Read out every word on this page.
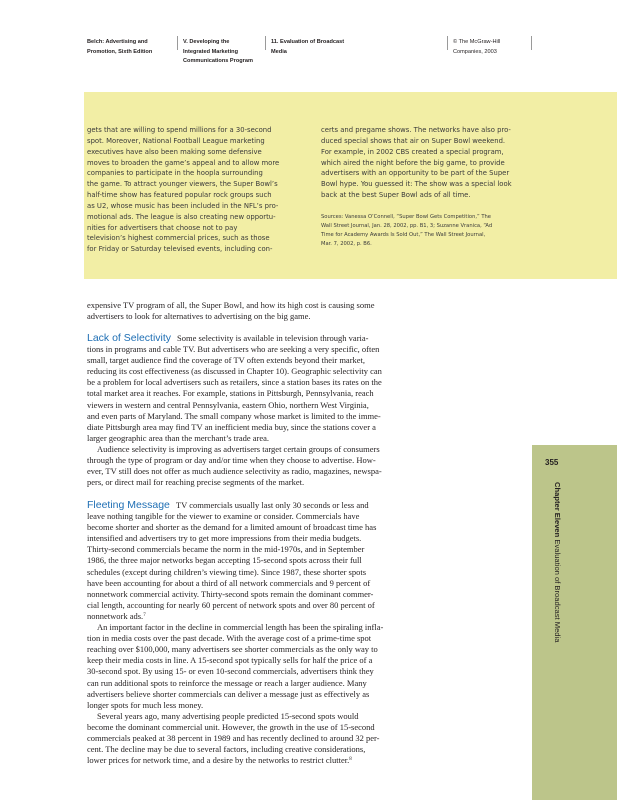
Belch: Advertising and
Promotion, Sixth Edition
V. Developing the
Integrated Marketing
Communications Program
11. Evaluation of Broadcast
Media
© The McGraw-Hill
Companies, 2003

gets that are willing to spend millions for a 30-second

spot. Moreover, National Football League marketing

executives have also been making some defensive

moves to broaden the game’s appeal and to allow more

companies to participate in the hoopla surrounding

the game. To attract younger viewers, the Super Bowl’s

half-time show has featured popular rock groups such

as U2, whose music has been included in the NFL’s pro-

motional ads. The league is also creating new opportu-

nities for advertisers that choose not to pay

television’s highest commercial prices, such as those

for Friday or Saturday televised events, including con-

certs and pregame shows. The networks have also pro-

duced special shows that air on Super Bowl weekend.

For example, in 2002 CBS created a special program,

which aired the night before the big game, to provide

advertisers with an opportunity to be part of the Super

Bowl hype. You guessed it: The show was a special look

back at the best Super Bowl ads of all time.

Sources: Vanessa O’Connell, “Super Bowl Gets Competition,” The

Wall Street Journal, Jan. 28, 2002, pp. B1, 3; Suzanne Vranica, “Ad

Time for Academy Awards Is Sold Out,” The Wall Street Journal,

Mar. 7, 2002, p. B6.

expensive TV program of all, the Super Bowl, and how its high cost is causing some

advertisers to look for alternatives to advertising on the big game.

Lack of Selectivity Some selectivity is available in television through varia-

tions in programs and cable TV. But advertisers who are seeking a very specific, often

small, target audience find the coverage of TV often extends beyond their market,

reducing its cost effectiveness (as discussed in Chapter 10). Geographic selectivity can

be a problem for local advertisers such as retailers, since a station bases its rates on the

total market area it reaches. For example, stations in Pittsburgh, Pennsylvania, reach

viewers in western and central Pennsylvania, eastern Ohio, northern West Virginia,

and even parts of Maryland. The small company whose market is limited to the imme-

diate Pittsburgh area may find TV an inefficient media buy, since the stations cover a

larger geographic area than the merchant’s trade area.

Audience selectivity is improving as advertisers target certain groups of consumers

through the type of program or day and/or time when they choose to advertise. How-

ever, TV still does not offer as much audience selectivity as radio, magazines, newspa-

pers, or direct mail for reaching precise segments of the market.

Fleeting Message TV commercials usually last only 30 seconds or less and

leave nothing tangible for the viewer to examine or consider. Commercials have

become shorter and shorter as the demand for a limited amount of broadcast time has

intensified and advertisers try to get more impressions from their media budgets.

Thirty-second commercials became the norm in the mid-1970s, and in September

1986, the three major networks began accepting 15-second spots across their full

schedules (except during children’s viewing time). Since 1987, these shorter spots

have been accounting for about a third of all network commercials and 9 percent of

nonnetwork commercial activity. Thirty-second spots remain the dominant commer-

cial length, accounting for nearly 60 percent of network spots and over 80 percent of

nonnetwork ads.$^7$

An important factor in the decline in commercial length has been the spiraling infla-

tion in media costs over the past decade. With the average cost of a prime-time spot

reaching over $100,000, many advertisers see shorter commercials as the only way to

keep their media costs in line. A 15-second spot typically sells for half the price of a

30-second spot. By using 15- or even 10-second commercials, advertisers think they

can run additional spots to reinforce the message or reach a larger audience. Many

advertisers believe shorter commercials can deliver a message just as effectively as

longer spots for much less money.

Several years ago, many advertising people predicted 15-second spots would

become the dominant commercial unit. However, the growth in the use of 15-second

commercials peaked at 38 percent in 1989 and has recently declined to around 32 per-

cent. The decline may be due to several factors, including creative considerations,

lower prices for network time, and a desire by the networks to restrict clutter.$^8$

355
Chapter Eleven Evaluation of Broadcast Media
